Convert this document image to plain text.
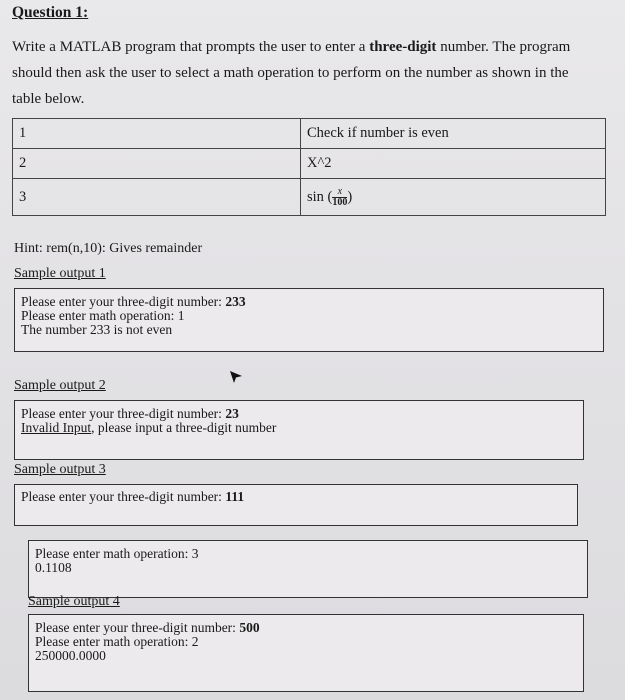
Question 1:
Write a MATLAB program that prompts the user to enter a three-digit number. The program
should then ask the user to select a math operation to perform on the number as shown in the
table below.
1	Check if number is even
2	X^2
3	sin ( $\frac{x}{100}$ )
Hint: rem(n,10): Gives remainder
Sample output 1
Please enter your three-digit number: 233
Please enter math operation: 1
The number 233 is not even
Sample output 2
Please enter your three-digit number: 23
Invalid Input, please input a three-digit number
Sample output 3
Please enter your three-digit number: 111
Please enter math operation: 3
0.1108
Sample output 4
Please enter your three-digit number: 500
Please enter math operation: 2
250000.0000
